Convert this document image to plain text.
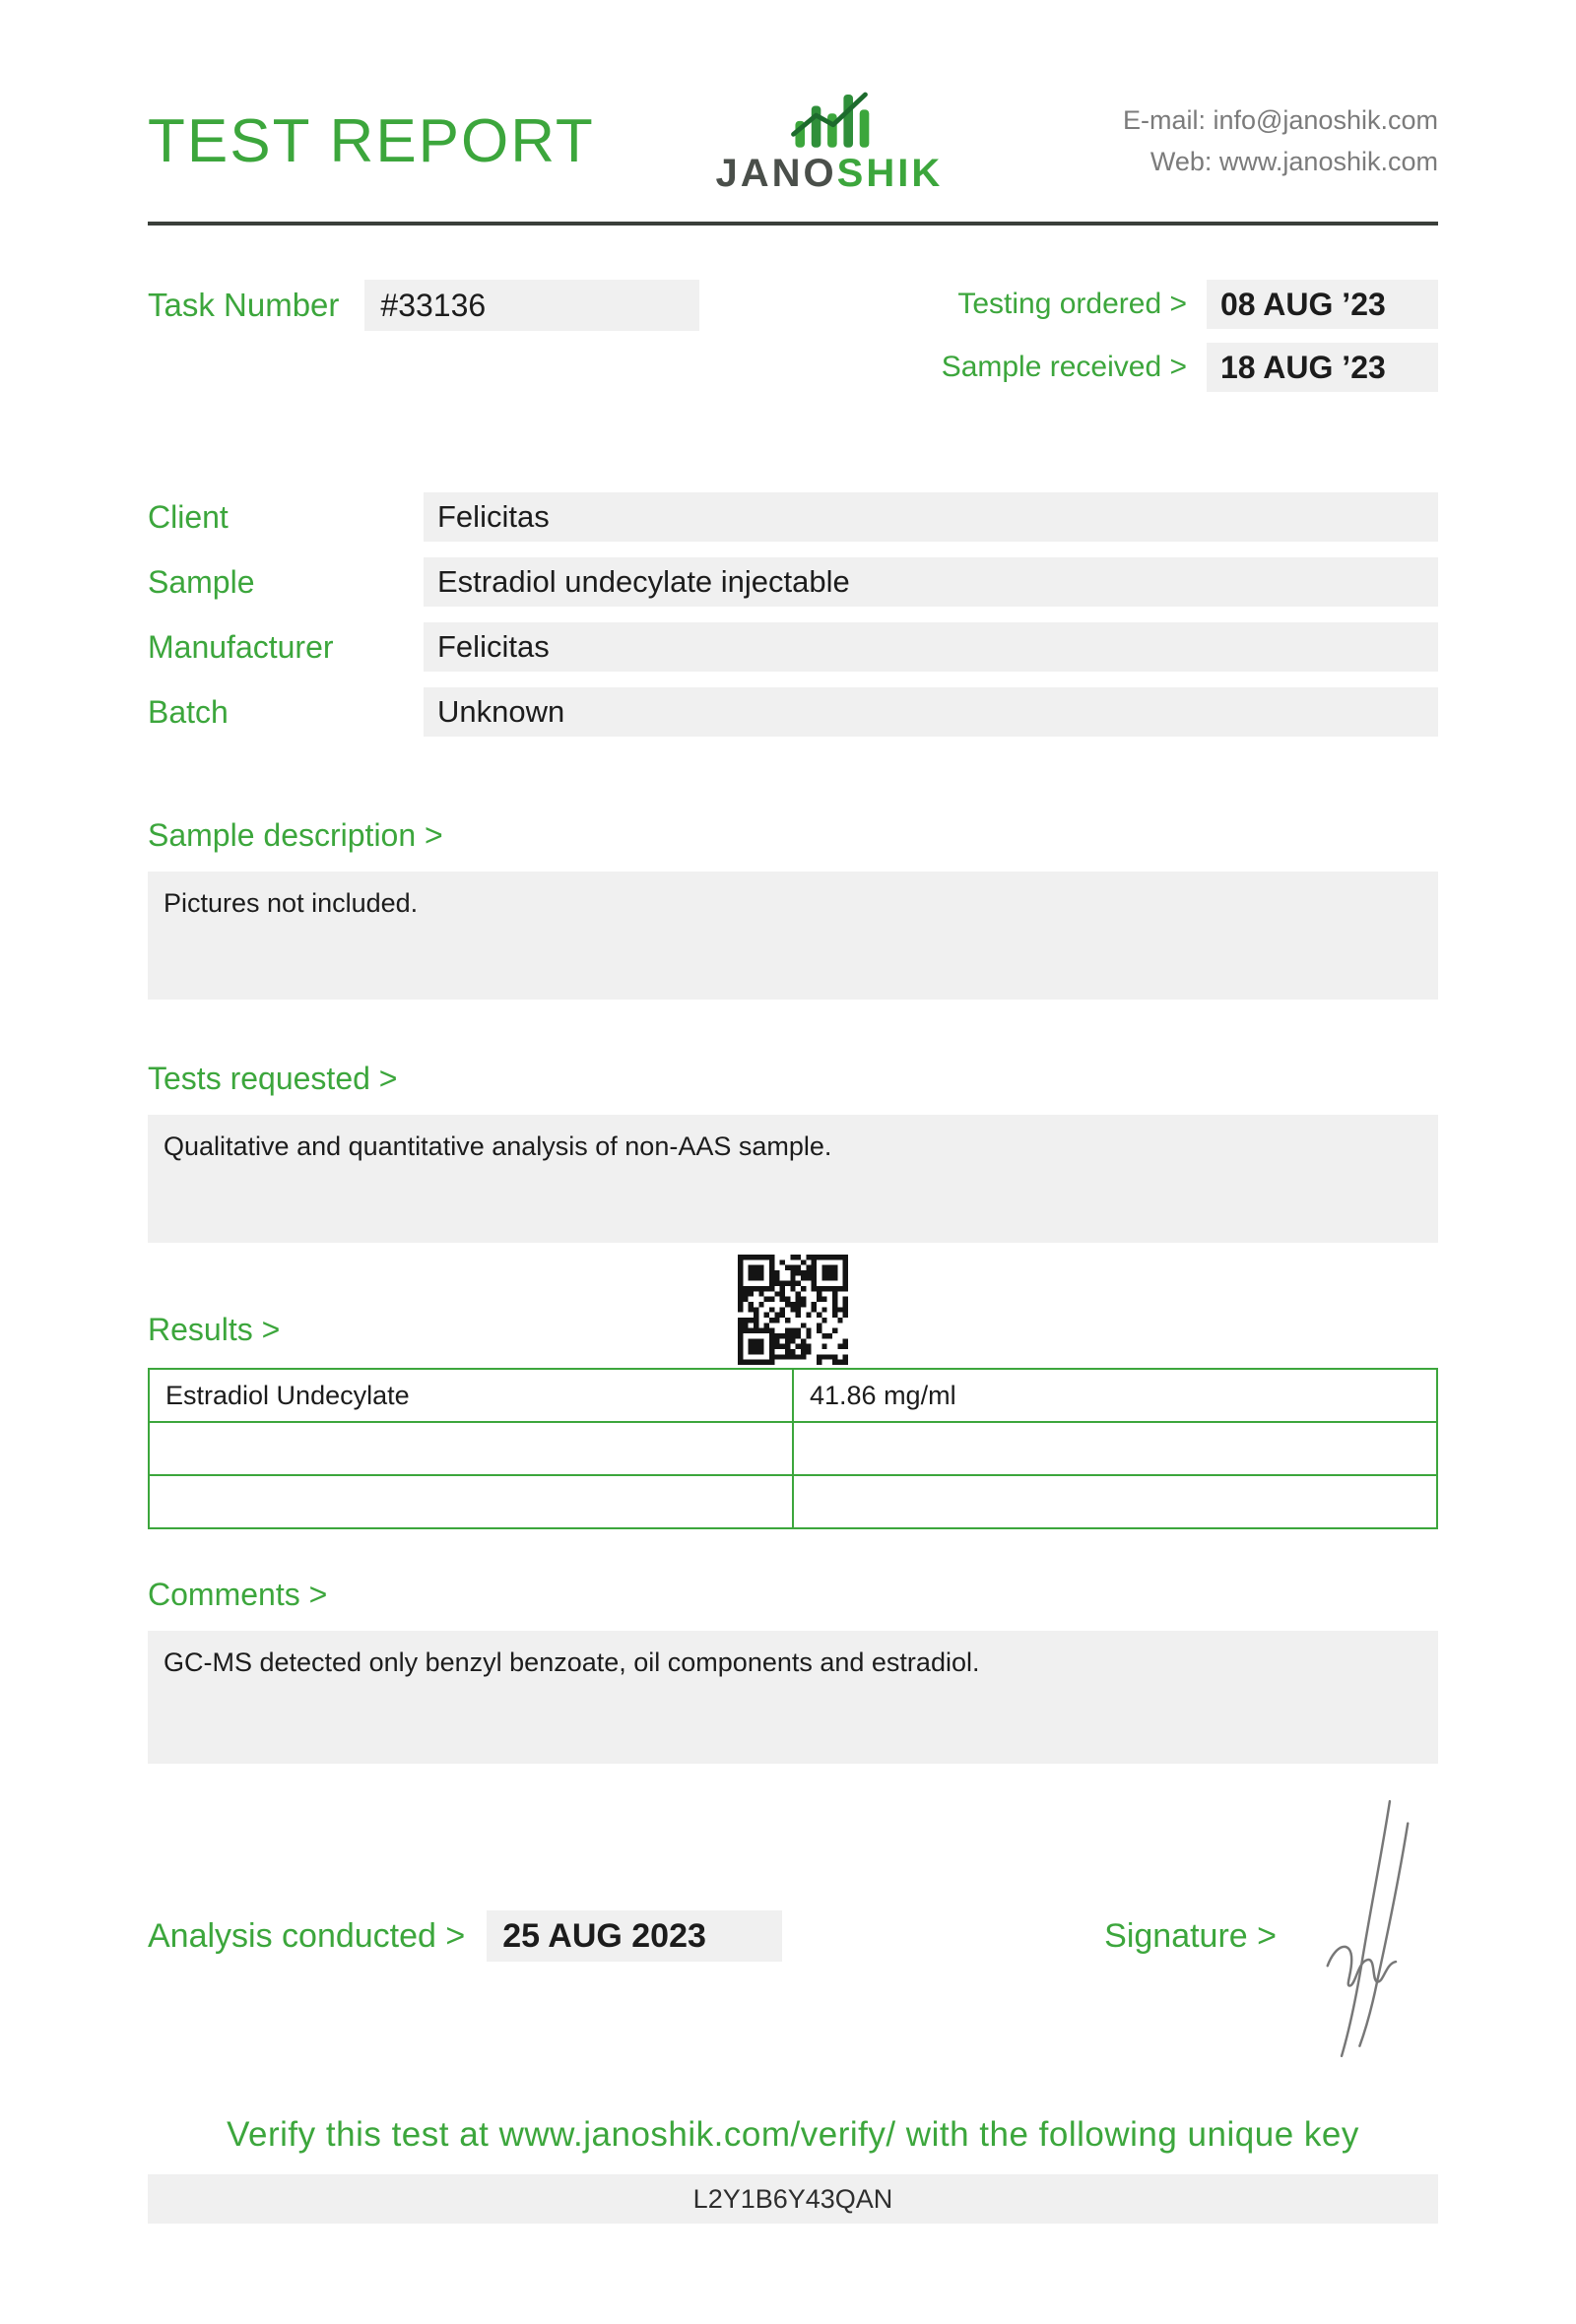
TEST REPORT	JANOSHIK
E-mail: info@janoshik.com
Web: www.janoshik.com
Task Number	#33136	Testing ordered >	08 AUG ’23
Sample received >	18 AUG ’23
Client	Felicitas
Sample	Estradiol undecylate injectable
Manufacturer	Felicitas
Batch	Unknown
Sample description >
Pictures not included.
Tests requested >
Qualitative and quantitative analysis of non-AAS sample.
Results >
Estradiol Undecylate	41.86 mg/ml

Comments >
GC-MS detected only benzyl benzoate, oil components and estradiol.
Analysis conducted >	25 AUG 2023	Signature >
Verify this test at www.janoshik.com/verify/ with the following unique key
L2Y1B6Y43QAN
